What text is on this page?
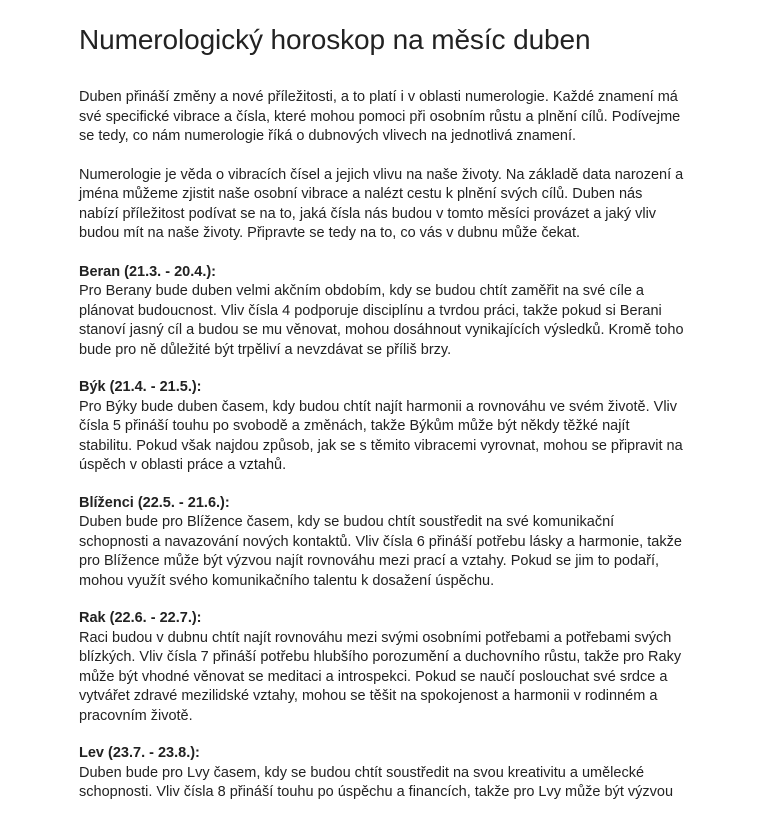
Numerologický horoskop na měsíc duben

Duben přináší změny a nové příležitosti, a to platí i v oblasti numerologie. Každé znamení má své specifické vibrace a čísla, které mohou pomoci při osobním růstu a plnění cílů. Podívejme se tedy, co nám numerologie říká o dubnových vlivech na jednotlivá znamení.

Numerologie je věda o vibracích čísel a jejich vlivu na naše životy. Na základě data narození a jména můžeme zjistit naše osobní vibrace a nalézt cestu k plnění svých cílů. Duben nás nabízí příležitost podívat se na to, jaká čísla nás budou v tomto měsíci provázet a jaký vliv budou mít na naše životy. Připravte se tedy na to, co vás v dubnu může čekat.

Beran (21.3. - 20.4.):

Pro Berany bude duben velmi akčním obdobím, kdy se budou chtít zaměřit na své cíle a plánovat budoucnost. Vliv čísla 4 podporuje disciplínu a tvrdou práci, takže pokud si Berani stanoví jasný cíl a budou se mu věnovat, mohou dosáhnout vynikajících výsledků. Kromě toho bude pro ně důležité být trpěliví a nevzdávat se příliš brzy.

Býk (21.4. - 21.5.):

Pro Býky bude duben časem, kdy budou chtít najít harmonii a rovnováhu ve svém životě. Vliv čísla 5 přináší touhu po svobodě a změnách, takže Býkům může být někdy těžké najít stabilitu. Pokud však najdou způsob, jak se s těmito vibracemi vyrovnat, mohou se připravit na úspěch v oblasti práce a vztahů.

Blíženci (22.5. - 21.6.):

Duben bude pro Blížence časem, kdy se budou chtít soustředit na své komunikační schopnosti a navazování nových kontaktů. Vliv čísla 6 přináší potřebu lásky a harmonie, takže pro Blížence může být výzvou najít rovnováhu mezi prací a vztahy. Pokud se jim to podaří, mohou využít svého komunikačního talentu k dosažení úspěchu.

Rak (22.6. - 22.7.):

Raci budou v dubnu chtít najít rovnováhu mezi svými osobními potřebami a potřebami svých blízkých. Vliv čísla 7 přináší potřebu hlubšího porozumění a duchovního růstu, takže pro Raky může být vhodné věnovat se meditaci a introspekci. Pokud se naučí poslouchat své srdce a vytvářet zdravé mezilidské vztahy, mohou se těšit na spokojenost a harmonii v rodinném a pracovním životě.

Lev (23.7. - 23.8.):

Duben bude pro Lvy časem, kdy se budou chtít soustředit na svou kreativitu a umělecké schopnosti. Vliv čísla 8 přináší touhu po úspěchu a financích, takže pro Lvy může být výzvou
